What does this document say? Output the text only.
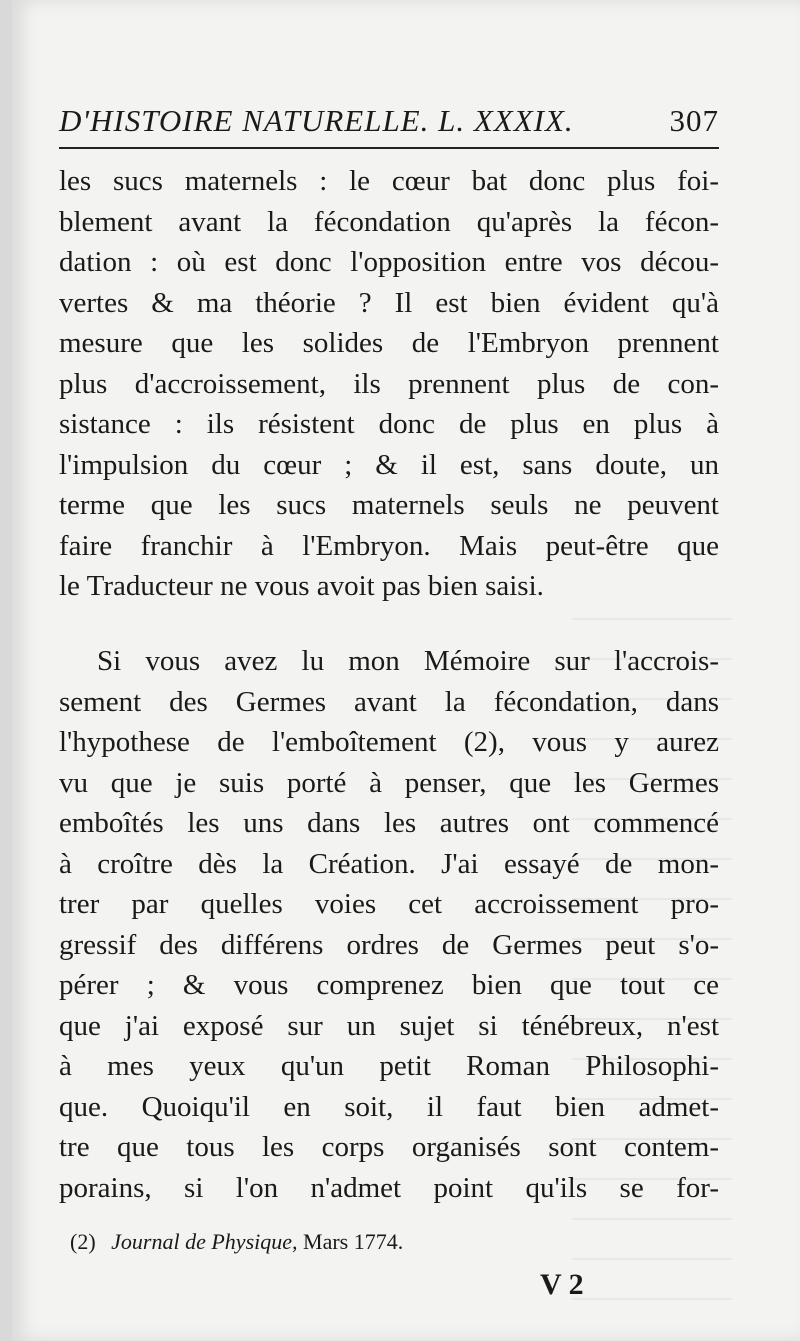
D'HISTOIRE NATURELLE. L. XXXIX.	307
les sucs maternels : le cœur bat donc plus foi-
blement avant la fécondation qu'après la fécon-
dation : où est donc l'opposition entre vos décou-
vertes & ma théorie ? Il est bien évident qu'à
mesure que les solides de l'Embryon prennent
plus d'accroissement, ils prennent plus de con-
sistance : ils résistent donc de plus en plus à
l'impulsion du cœur ; & il est, sans doute, un
terme que les sucs maternels seuls ne peuvent
faire franchir à l'Embryon. Mais peut-être que
le Traducteur ne vous avoit pas bien saisi.
Si vous avez lu mon Mémoire sur l'accrois-
sement des Germes avant la fécondation, dans
l'hypothese de l'emboîtement (2), vous y aurez
vu que je suis porté à penser, que les Germes
emboîtés les uns dans les autres ont commencé
à croître dès la Création. J'ai essayé de mon-
trer par quelles voies cet accroissement pro-
gressif des différens ordres de Germes peut s'o-
pérer ; & vous comprenez bien que tout ce
que j'ai exposé sur un sujet si ténébreux, n'est
à mes yeux qu'un petit Roman Philosophi-
que. Quoiqu'il en soit, il faut bien admet-
tre que tous les corps organisés sont contem-
porains, si l'on n'admet point qu'ils se for-
(2) Journal de Physique, Mars 1774.
V 2
